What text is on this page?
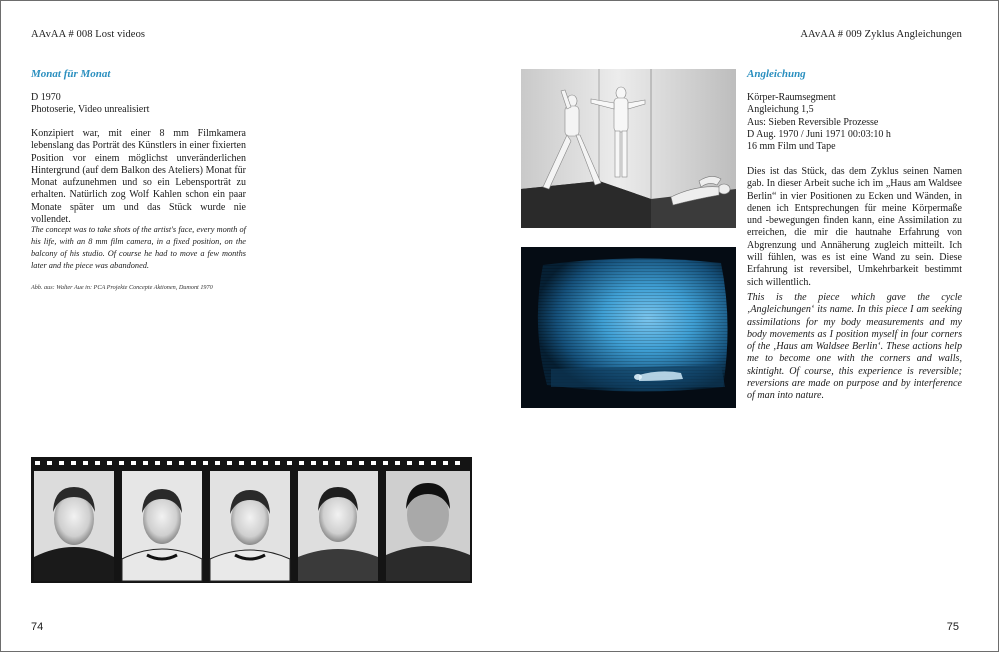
AAvAA # 008 Lost videos
Monat für Monat
D 1970
Photoserie, Video unrealisiert
Konzipiert war, mit einer 8 mm Filmkamera lebenslang das Porträt des Künstlers in einer fixierten Position vor einem möglichst unveränderlichen Hintergrund (auf dem Balkon des Ateliers) Monat für Monat aufzunehmen und so ein Lebensporträt zu erhalten. Natürlich zog Wolf Kahlen schon ein paar Monate später um und das Stück wurde nie vollendet.
The concept was to take shots of the artist's face, every month of his life, with an 8 mm film camera, in a fixed position, on the balcony of his studio. Of course he had to move a few months later and the piece was abandoned.
Abb. aus: Walter Aue in: PCA Projekte Concepte Aktionen, Dumont 1970
74
AAvAA # 009 Zyklus Angleichungen
Angleichung
Körper-Raumsegment
Angleichung 1,5
Aus: Sieben Reversible Prozesse
D Aug. 1970 / Juni 1971 00:03:10 h
16 mm Film und Tape
Dies ist das Stück, das dem Zyklus seinen Namen gab. In dieser Arbeit suche ich im „Haus am Waldsee Berlin“ in vier Positionen zu Ecken und Wänden, in denen ich Entsprechungen für meine Körpermaße und -bewegungen finden kann, eine Assimilation zu erreichen, die mir die hautnahe Erfahrung von Abgrenzung und Annäherung zugleich mitteilt. Ich will fühlen, was es ist eine Wand zu sein. Diese Erfahrung ist reversibel, Umkehrbarkeit bestimmt sich willentlich.
This is the piece which gave the cycle ‚Angleichungen‘ its name. In this piece I am seeking assimilations for my body measurements and my body movements as I position myself in four corners of the ‚Haus am Waldsee Berlin‘. These actions help me to become one with the corners and walls, skintight. Of course, this experience is reversible; reversions are made on purpose and by interference of man into nature.
75
